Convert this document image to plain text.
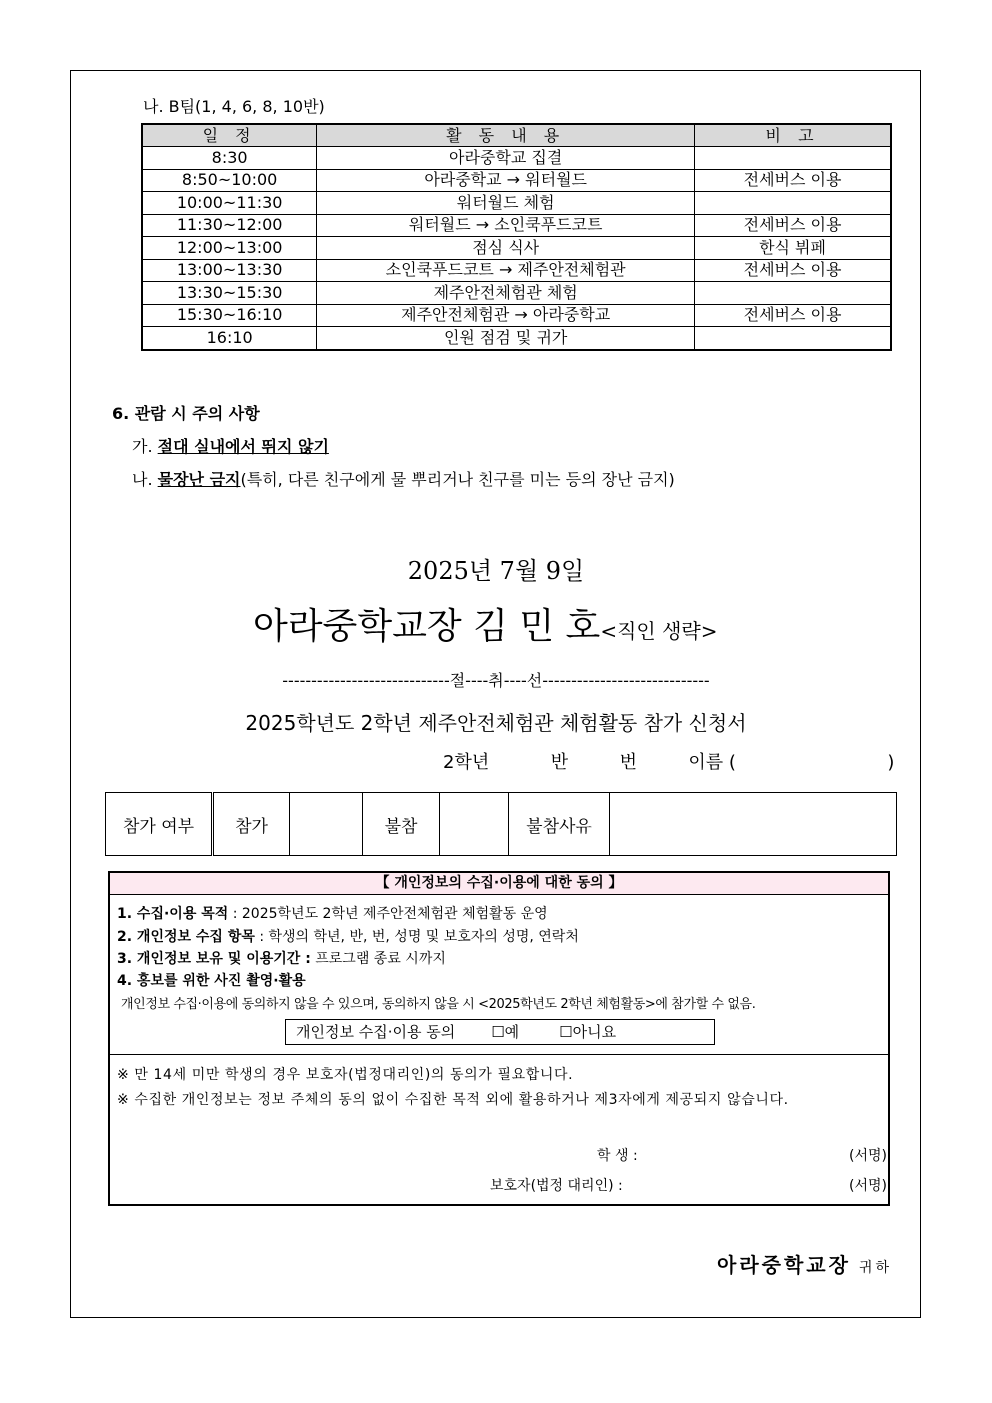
나. B팀(1, 4, 6, 8, 10반)
일 정	활 동 내 용	비 고
8:30	아라중학교 집결	
8:50~10:00	아라중학교 → 워터월드	전세버스 이용
10:00~11:30	워터월드 체험	
11:30~12:00	워터월드 → 소인쿡푸드코트	전세버스 이용
12:00~13:00	점심 식사	한식 뷔페
13:00~13:30	소인쿡푸드코트 → 제주안전체험관	전세버스 이용
13:30~15:30	제주안전체험관 체험	
15:30~16:10	제주안전체험관 → 아라중학교	전세버스 이용
16:10	인원 점검 및 귀가	
6. 관람 시 주의 사항
가. 절대 실내에서 뛰지 않기
나. 물장난 금지(특히, 다른 친구에게 물 뿌리거나 친구를 미는 등의 장난 금지)
2025년 7월 9일
아라중학교장 김 민 호<직인 생략>
-----------------------------절----취----선-----------------------------
2025학년도 2학년 제주안전체험관 체험활동 참가 신청서
2학년	반	번	이름 (	)
참가 여부	참가		불참		불참사유	
【 개인정보의 수집·이용에 대한 동의 】
1. 수집·이용 목적 : 2025학년도 2학년 제주안전체험관 체험활동 운영
2. 개인정보 수집 항목 : 학생의 학년, 반, 번, 성명 및 보호자의 성명, 연락처
3. 개인정보 보유 및 이용기간 : 프로그램 종료 시까지
4. 홍보를 위한 사진 촬영·활용
개인정보 수집·이용에 동의하지 않을 수 있으며, 동의하지 않을 시 <2025학년도 2학년 체험활동>에 참가할 수 없음.
개인정보 수집·이용 동의 ☐예	☐아니요
※ 만 14세 미만 학생의 경우 보호자(법정대리인)의 동의가 필요합니다.
※ 수집한 개인정보는 정보 주체의 동의 없이 수집한 목적 외에 활용하거나 제3자에게 제공되지 않습니다.
학 생 :	(서명)
보호자(법정 대리인) :	(서명)
아라중학교장 귀하
